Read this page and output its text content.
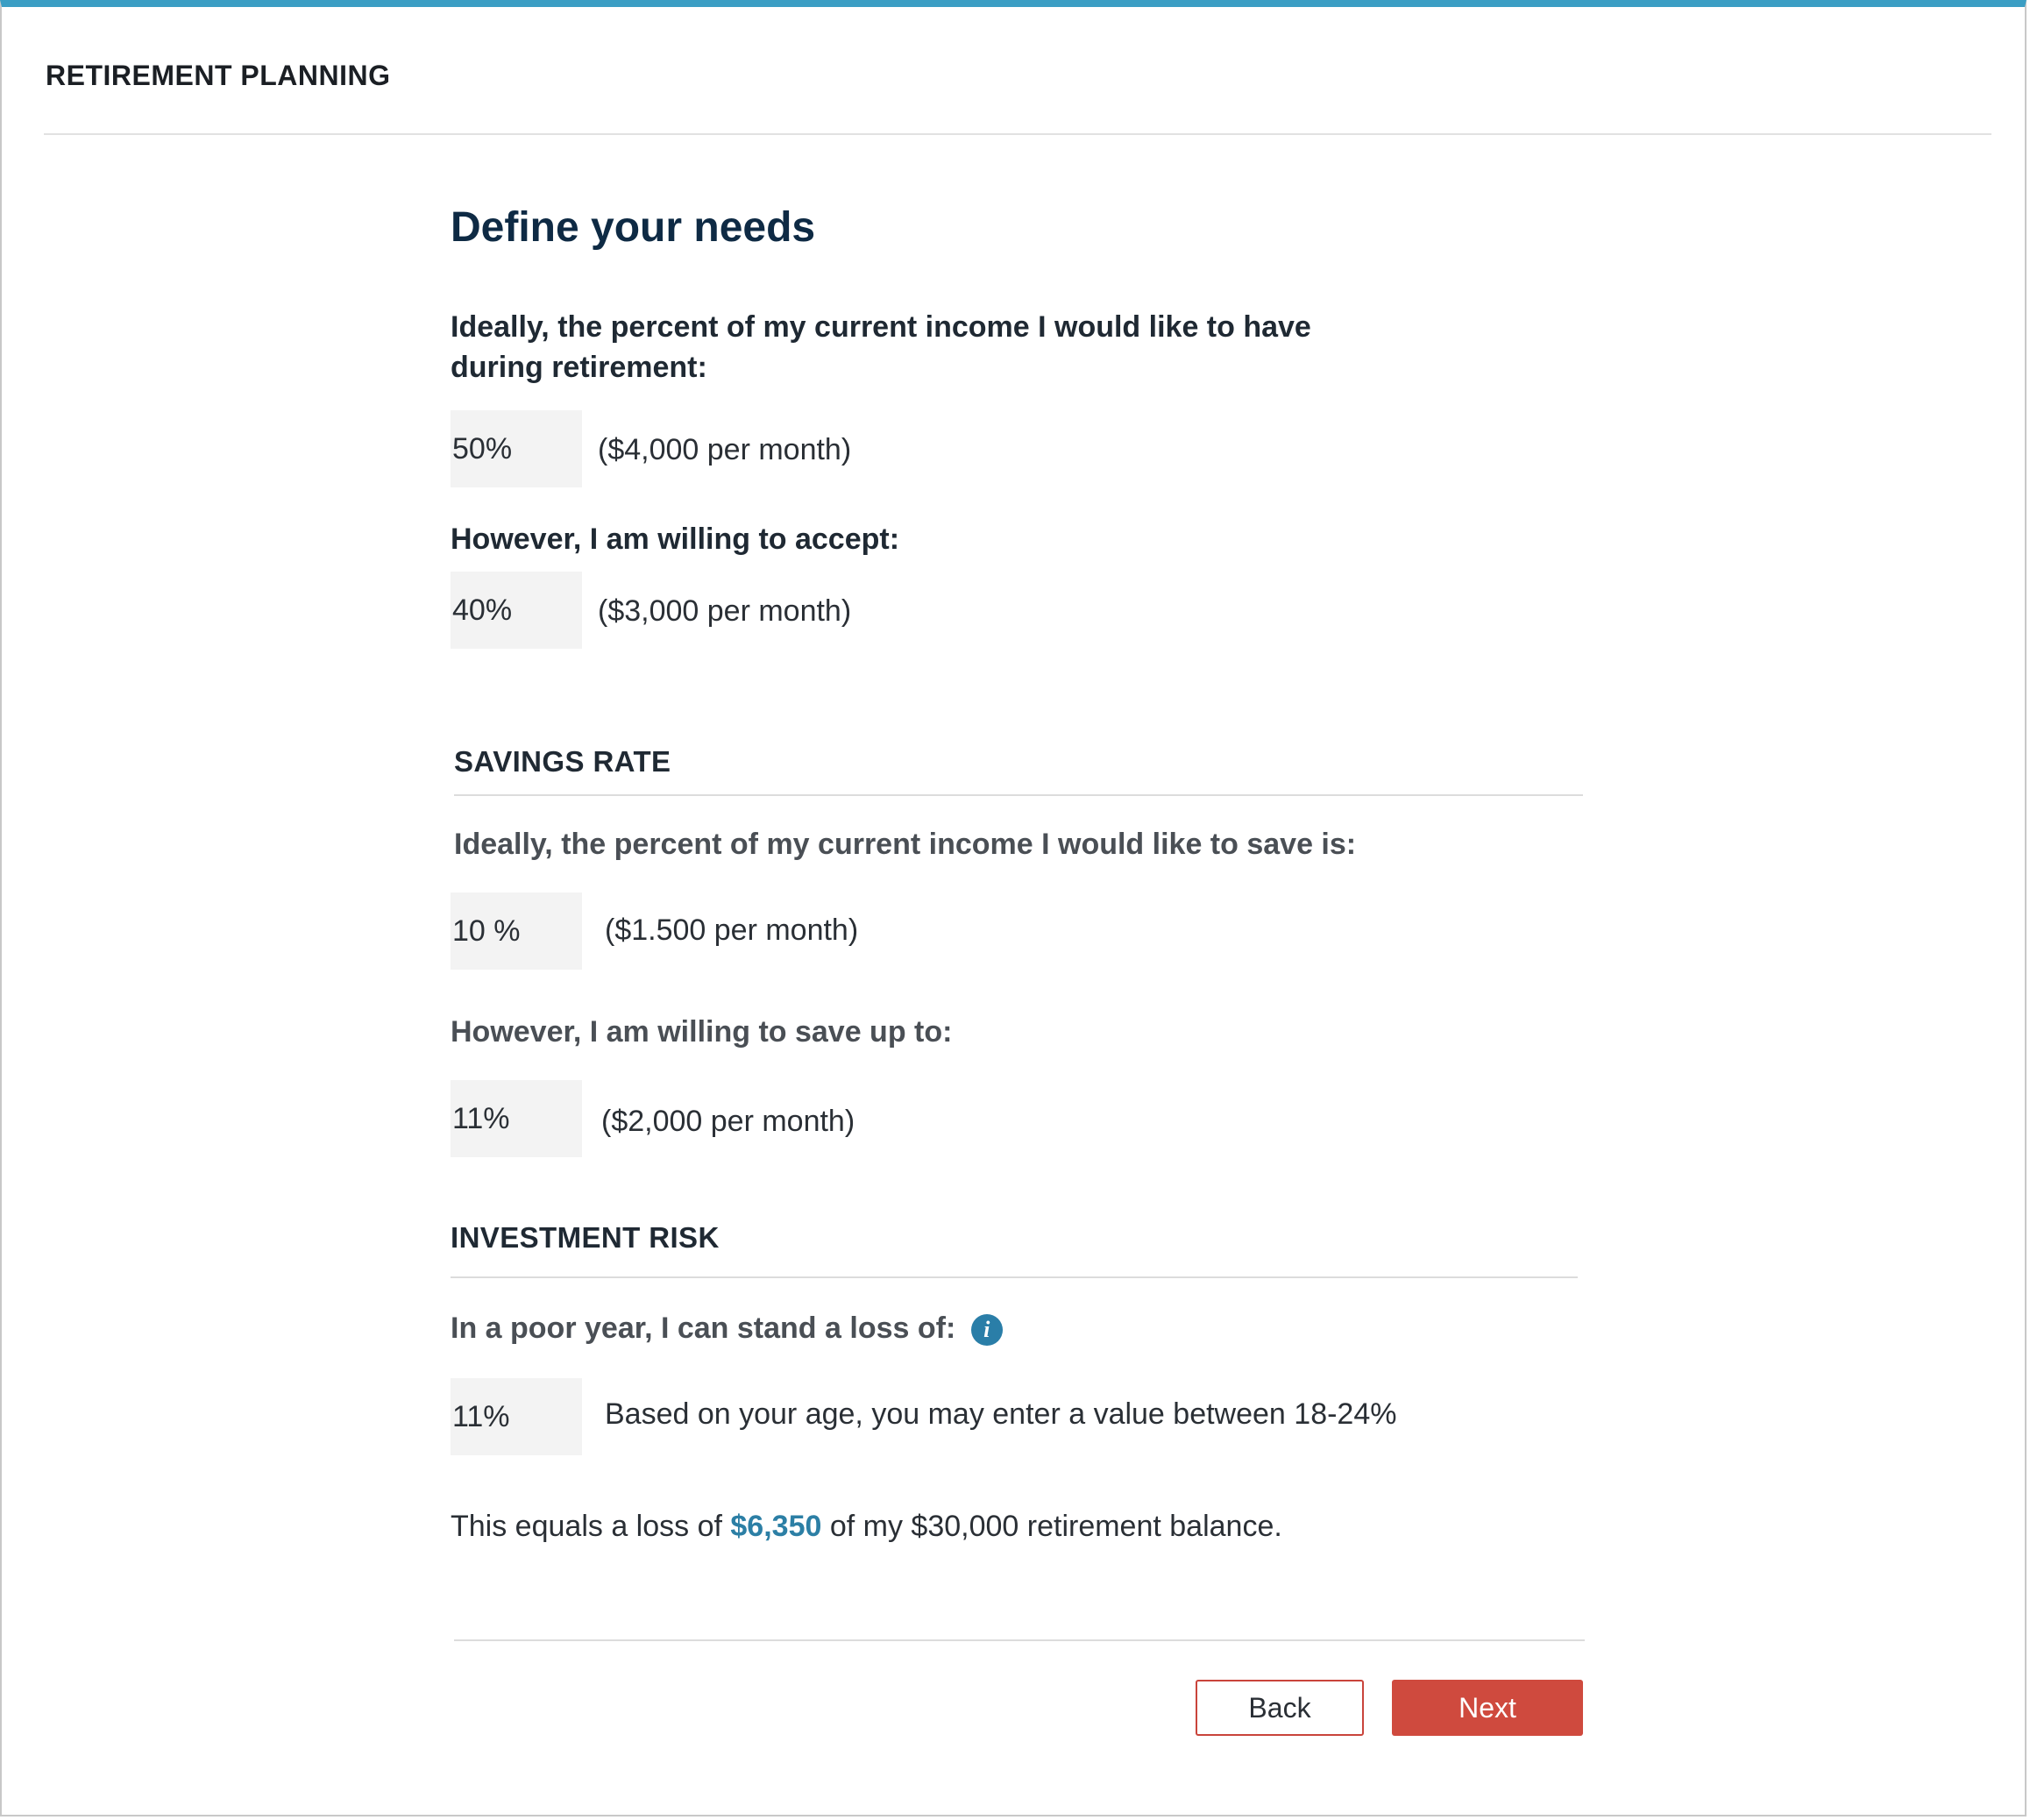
RETIREMENT PLANNING
Define your needs
Ideally, the percent of my current income I would like to have
during retirement:
50%
($4,000 per month)
However, I am willing to accept:
40%
($3,000 per month)
SAVINGS RATE
Ideally, the percent of my current income I would like to save is:
10 %
($1.500 per month)
However, I am willing to save up to:
11%
($2,000 per month)
INVESTMENT RISK
In a poor year, I can stand a loss of: i
11%
Based on your age, you may enter a value between 18-24%
This equals a loss of $6,350 of my $30,000 retirement balance.
Back	Next
